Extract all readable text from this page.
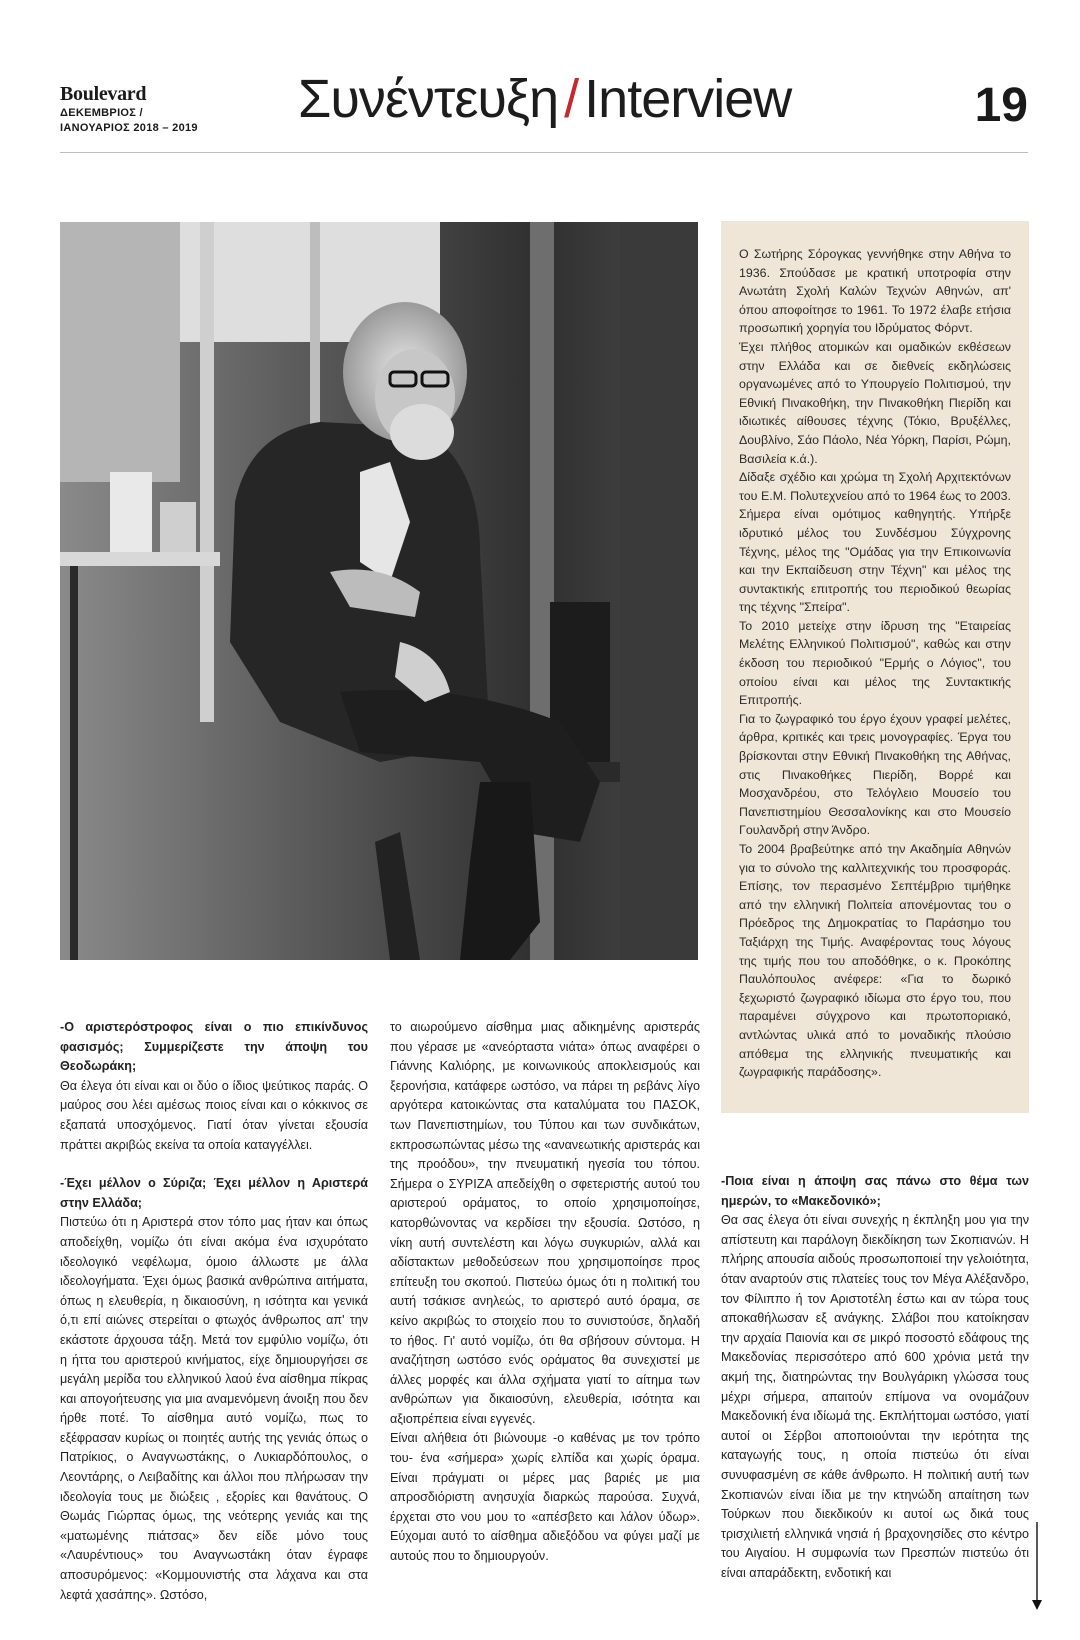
Boulevard
ΔΕΚΕΜΒΡΙΟΣ /
ΙΑΝΟΥΑΡΙΟΣ 2018 – 2019 Συνέντευξη / Interview	19

Ο Σωτήρης Σόρογκας γεννήθηκε στην Αθήνα το 1936. Σπούδασε με κρατική υποτροφία στην Ανωτάτη Σχολή Καλών Τεχνών Αθηνών, απ' όπου αποφοίτησε το 1961. Το 1972 έλαβε ετήσια προσωπική χορηγία του Ιδρύματος Φόρντ.

Έχει πλήθος ατομικών και ομαδικών εκθέσεων στην Ελλάδα και σε διεθνείς εκδηλώσεις οργανωμένες από το Υπουργείο Πολιτισμού, την Εθνική Πινακοθήκη, την Πινακοθήκη Πιερίδη και ιδιωτικές αίθουσες τέχνης (Τόκιο, Βρυξέλλες, Δουβλίνο, Σάο Πάολο, Νέα Υόρκη, Παρίσι, Ρώμη, Βασιλεία κ.ά.).

Δίδαξε σχέδιο και χρώμα τη Σχολή Αρχιτεκτόνων του Ε.Μ. Πολυτεχνείου από το 1964 έως το 2003. Σήμερα είναι ομότιμος καθηγητής. Υπήρξε ιδρυτικό μέλος του Συνδέσμου Σύγχρονης Τέχνης, μέλος της "Ομάδας για την Επικοινωνία και την Εκπαίδευση στην Τέχνη" και μέλος της συντακτικής επιτροπής του περιοδικού θεωρίας της τέχνης "Σπείρα".

Το 2010 μετείχε στην ίδρυση της "Εταιρείας Μελέτης Ελληνικού Πολιτισμού", καθώς και στην έκδοση του περιοδικού "Ερμής ο Λόγιος", του οποίου είναι και μέλος της Συντακτικής Επιτροπής.

Για το ζωγραφικό του έργο έχουν γραφεί μελέτες, άρθρα, κριτικές και τρεις μονογραφίες. Έργα του βρίσκονται στην Εθνική Πινακοθήκη της Αθήνας, στις Πινακοθήκες Πιερίδη, Βορρέ και Μοσχανδρέου, στο Τελόγλειο Μουσείο του Πανεπιστημίου Θεσσαλονίκης και στο Μουσείο Γουλανδρή στην Άνδρο.

Το 2004 βραβεύτηκε από την Ακαδημία Αθηνών για το σύνολο της καλλιτεχνικής του προσφοράς. Επίσης, τον περασμένο Σεπτέμβριο τιμήθηκε από την ελληνική Πολιτεία απονέμοντας του ο Πρόεδρος της Δημοκρατίας το Παράσημο του Ταξιάρχη της Τιμής. Αναφέροντας τους λόγους της τιμής που του αποδόθηκε, ο κ. Προκόπης Παυλόπουλος ανέφερε: «Για το δωρικό ξεχωριστό ζωγραφικό ιδίωμα στο έργο του, που παραμένει σύγχρονο και πρωτοποριακό, αντλώντας υλικά από το μοναδικής πλούσιο απόθεμα της ελληνικής πνευματικής και ζωγραφικής παράδοσης».

-Ο αριστερόστροφος είναι ο πιο επικίνδυνος φασισμός; Συμμερίζεστε την άποψη του Θεοδωράκη;

Θα έλεγα ότι είναι και οι δύο ο ίδιος ψεύτικος παράς. Ο μαύρος σου λέει αμέσως ποιος είναι και ο κόκκινος σε εξαπατά υποσχόμενος. Γιατί όταν γίνεται εξουσία πράττει ακριβώς εκείνα τα οποία καταγγέλλει.

-Έχει μέλλον ο Σύριζα; Έχει μέλλον η Αριστερά στην Ελλάδα;

Πιστεύω ότι η Αριστερά στον τόπο μας ήταν και όπως αποδείχθη, νομίζω ότι είναι ακόμα ένα ισχυρότατο ιδεολογικό νεφέλωμα, όμοιο άλλωστε με άλλα ιδεολογήματα. Έχει όμως βασικά ανθρώπινα αιτήματα, όπως η ελευθερία, η δικαιοσύνη, η ισότητα και γενικά ό,τι επί αιώνες στερείται ο φτωχός άνθρωπος απ' την εκάστοτε άρχουσα τάξη. Μετά τον εμφύλιο νομίζω, ότι η ήττα του αριστερού κινήματος, είχε δημιουργήσει σε μεγάλη μερίδα του ελληνικού λαού ένα αίσθημα πίκρας και απογοήτευσης για μια αναμενόμενη άνοιξη που δεν ήρθε ποτέ. Το αίσθημα αυτό νομίζω, πως το εξέφρασαν κυρίως οι ποιητές αυτής της γενιάς όπως ο Πατρίκιος, ο Αναγνωστάκης, ο Λυκιαρδόπουλος, ο Λεοντάρης, ο Λειβαδίτης και άλλοι που πλήρωσαν την ιδεολογία τους με διώξεις , εξορίες και θανάτους. Ο Θωμάς Γιώρπας όμως, της νεότερης γενιάς και της «ματωμένης πιάτσας» δεν είδε μόνο τους «Λαυρέντιους» του Αναγνωστάκη όταν έγραφε αποσυρόμενος: «Κομμουνιστής στα λάχανα και στα λεφτά χασάπης». Ωστόσο,

το αιωρούμενο αίσθημα μιας αδικημένης αριστεράς που γέρασε με «ανεόρταστα νιάτα» όπως αναφέρει ο Γιάννης Καλιόρης, με κοινωνικούς αποκλεισμούς και ξερονήσια, κατάφερε ωστόσο, να πάρει τη ρεβάνς λίγο αργότερα κατοικώντας στα καταλύματα του ΠΑΣΟΚ, των Πανεπιστημίων, του Τύπου και των συνδικάτων, εκπροσωπώντας μέσω της «ανανεωτικής αριστεράς και της προόδου», την πνευματική ηγεσία του τόπου. Σήμερα ο ΣΥΡΙΖΑ απεδείχθη ο σφετεριστής αυτού του αριστερού οράματος, το οποίο χρησιμοποίησε, κατορθώνοντας να κερδίσει την εξουσία. Ωστόσο, η νίκη αυτή συντελέστη και λόγω συγκυριών, αλλά και αδίστακτων μεθοδεύσεων που χρησιμοποίησε προς επίτευξη του σκοπού. Πιστεύω όμως ότι η πολιτική του αυτή τσάκισε ανηλεώς, το αριστερό αυτό όραμα, σε κείνο ακριβώς το στοιχείο που το συνιστούσε, δηλαδή το ήθος. Γι' αυτό νομίζω, ότι θα σβήσουν σύντομα. Η αναζήτηση ωστόσο ενός οράματος θα συνεχιστεί με άλλες μορφές και άλλα σχήματα γιατί το αίτημα των ανθρώπων για δικαιοσύνη, ελευθερία, ισότητα και αξιοπρέπεια είναι εγγενές.

Είναι αλήθεια ότι βιώνουμε -ο καθένας με τον τρόπο του- ένα «σήμερα» χωρίς ελπίδα και χωρίς όραμα. Είναι πράγματι οι μέρες μας βαριές με μια απροσδιόριστη ανησυχία διαρκώς παρούσα. Συχνά, έρχεται στο νου μου το «απέσβετο και λάλον ύδωρ». Εύχομαι αυτό το αίσθημα αδιεξόδου να φύγει μαζί με αυτούς που το δημιουργούν.

-Ποια είναι η άποψη σας πάνω στο θέμα των ημερών, το «Μακεδονικό»;

Θα σας έλεγα ότι είναι συνεχής η έκπληξη μου για την απίστευτη και παράλογη διεκδίκηση των Σκοπιανών. Η πλήρης απουσία αιδούς προσωποποιεί την γελοιότητα, όταν αναρτούν στις πλατείες τους τον Μέγα Αλέξανδρο, τον Φίλιππο ή τον Αριστοτέλη έστω και αν τώρα τους αποκαθήλωσαν εξ ανάγκης. Σλάβοι που κατοίκησαν την αρχαία Παιονία και σε μικρό ποσοστό εδάφους της Μακεδονίας περισσότερο από 600 χρόνια μετά την ακμή της, διατηρώντας την Βουλγάρικη γλώσσα τους μέχρι σήμερα, απαιτούν επίμονα να ονομάζουν Μακεδονική ένα ιδίωμά της. Εκπλήττομαι ωστόσο, γιατί αυτοί οι Σέρβοι αποποιούνται την ιερότητα της καταγωγής τους, η οποία πιστεύω ότι είναι συνυφασμένη σε κάθε άνθρωπο. Η πολιτική αυτή των Σκοπιανών είναι ίδια με την κτηνώδη απαίτηση των Τούρκων που διεκδικούν κι αυτοί ως δικά τους τρισχιλιετή ελληνικά νησιά ή βραχονησίδες στο κέντρο του Αιγαίου. Η συμφωνία των Πρεσπών πιστεύω ότι είναι απαράδεκτη, ενδοτική και
